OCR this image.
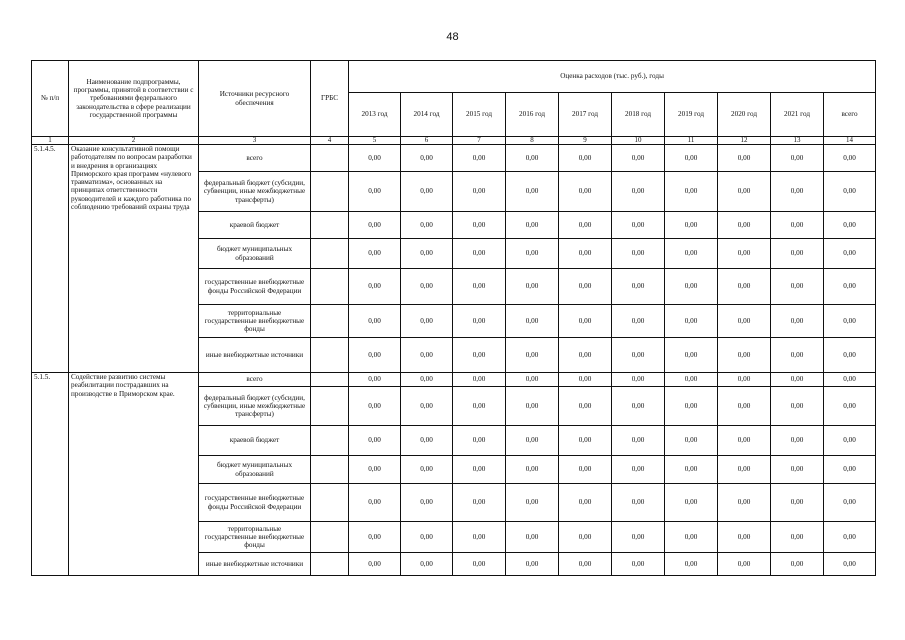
48
№ п/п	Наименование подпрограммы, программы, принятой в соответствии с требованиями федерального законодательства в сфере реализации государственной программы	Источники ресурсного обеспечения	ГРБС	Оценка расходов (тыс. руб.), годы									
				2013 год	2014 год	2015 год	2016 год	2017 год	2018 год	2019 год	2020 год	2021 год	всего
1	2	3	4	5	6	7	8	9	10	11	12	13	14
5.1.4.5.	Оказание консультативной помощи работодателям по вопросам разработки и внедрения в организациях Приморского края программ «нулевого травматизма», основанных на принципах ответственности руководителей и каждого работника по соблюдению требований охраны труда	всего		0,00	0,00	0,00	0,00	0,00	0,00	0,00	0,00	0,00	0,00
		федеральный бюджет (субсидии, субвенции, иные межбюджетные трансферты)		0,00	0,00	0,00	0,00	0,00	0,00	0,00	0,00	0,00	0,00
		краевой бюджет		0,00	0,00	0,00	0,00	0,00	0,00	0,00	0,00	0,00	0,00
		бюджет муниципальных образований		0,00	0,00	0,00	0,00	0,00	0,00	0,00	0,00	0,00	0,00
		государственные внебюджетные фонды Российской Федерации		0,00	0,00	0,00	0,00	0,00	0,00	0,00	0,00	0,00	0,00
		территориальные государственные внебюджетные фонды		0,00	0,00	0,00	0,00	0,00	0,00	0,00	0,00	0,00	0,00
		иные внебюджетные источники		0,00	0,00	0,00	0,00	0,00	0,00	0,00	0,00	0,00	0,00
5.1.5.	Содействие развитию системы реабилитации пострадавших на производстве в Приморском крае.	всего		0,00	0,00	0,00	0,00	0,00	0,00	0,00	0,00	0,00	0,00
		федеральный бюджет (субсидии, субвенции, иные межбюджетные трансферты)		0,00	0,00	0,00	0,00	0,00	0,00	0,00	0,00	0,00	0,00
		краевой бюджет		0,00	0,00	0,00	0,00	0,00	0,00	0,00	0,00	0,00	0,00
		бюджет муниципальных образований		0,00	0,00	0,00	0,00	0,00	0,00	0,00	0,00	0,00	0,00
		государственные внебюджетные фонды Российской Федерации		0,00	0,00	0,00	0,00	0,00	0,00	0,00	0,00	0,00	0,00
		территориальные государственные внебюджетные фонды		0,00	0,00	0,00	0,00	0,00	0,00	0,00	0,00	0,00	0,00
		иные внебюджетные источники		0,00	0,00	0,00	0,00	0,00	0,00	0,00	0,00	0,00	0,00
